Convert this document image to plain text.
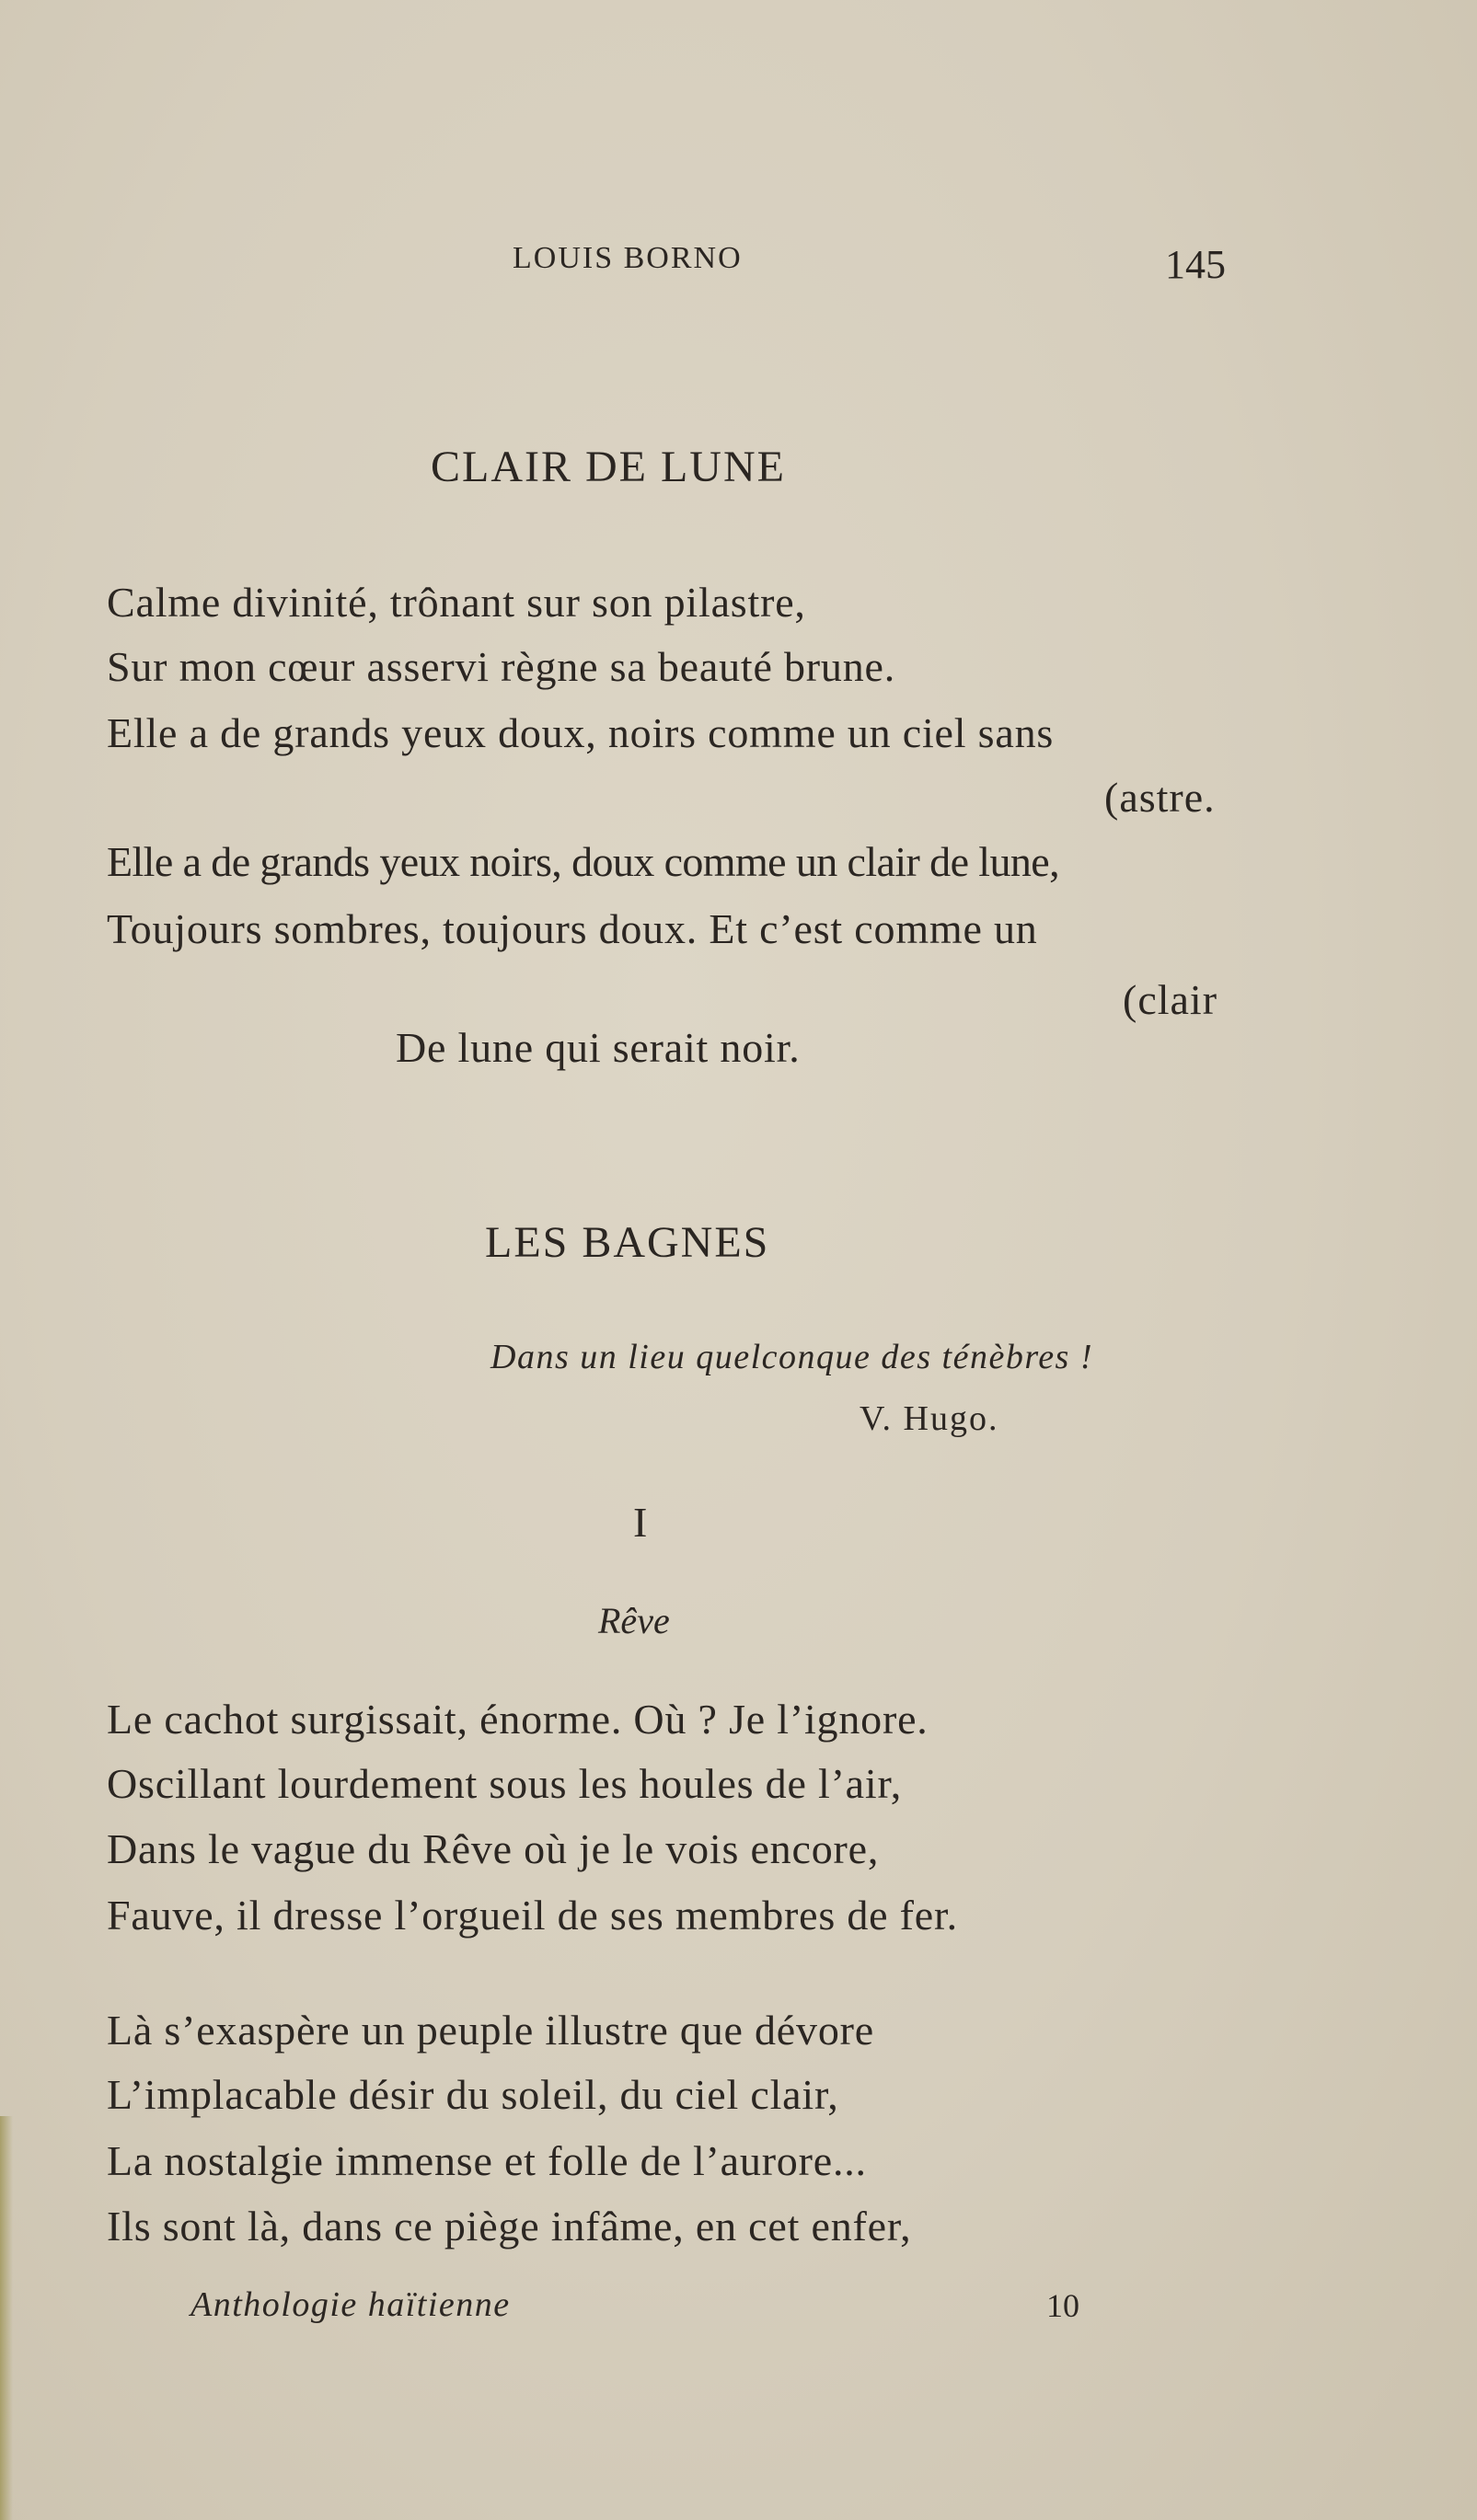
LOUIS BORNO	145
CLAIR DE LUNE
Calme divinité, trônant sur son pilastre,
Sur mon cœur asservi règne sa beauté brune.
Elle a de grands yeux doux, noirs comme un ciel sans
(astre.
Elle a de grands yeux noirs, doux comme un clair de lune,
Toujours sombres, toujours doux. Et c’est comme un
(clair
De lune qui serait noir.
LES BAGNES
Dans un lieu quelconque des ténèbres !
V. Hugo.
I
Rêve
Le cachot surgissait, énorme. Où ? Je l’ignore.
Oscillant lourdement sous les houles de l’air,
Dans le vague du Rêve où je le vois encore,
Fauve, il dresse l’orgueil de ses membres de fer.
Là s’exaspère un peuple illustre que dévore
L’implacable désir du soleil, du ciel clair,
La nostalgie immense et folle de l’aurore...
Ils sont là, dans ce piège infâme, en cet enfer,
Anthologie haïtienne	10
